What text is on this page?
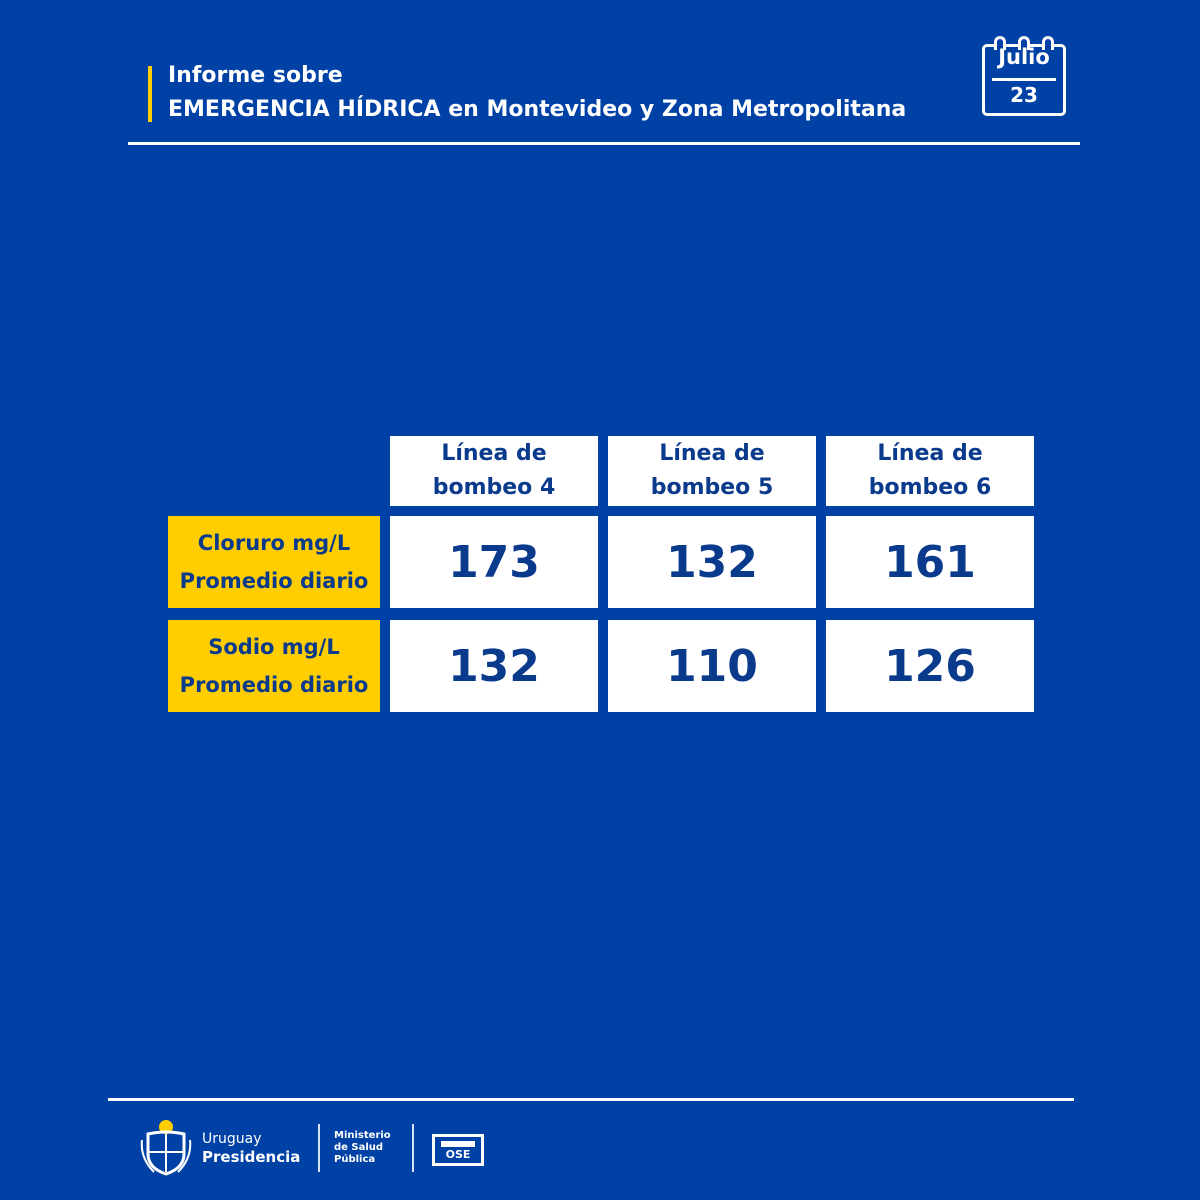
Informe sobre
EMERGENCIA HÍDRICA en Montevideo y Zona Metropolitana
Julio
23
Línea de
bombeo 4
Línea de
bombeo 5
Línea de
bombeo 6
Cloruro mg/L
Promedio diario	173	132	161
Sodio mg/L
Promedio diario	132	110	126
Uruguay
Presidencia
Ministerio
de Salud
Pública	OSE
